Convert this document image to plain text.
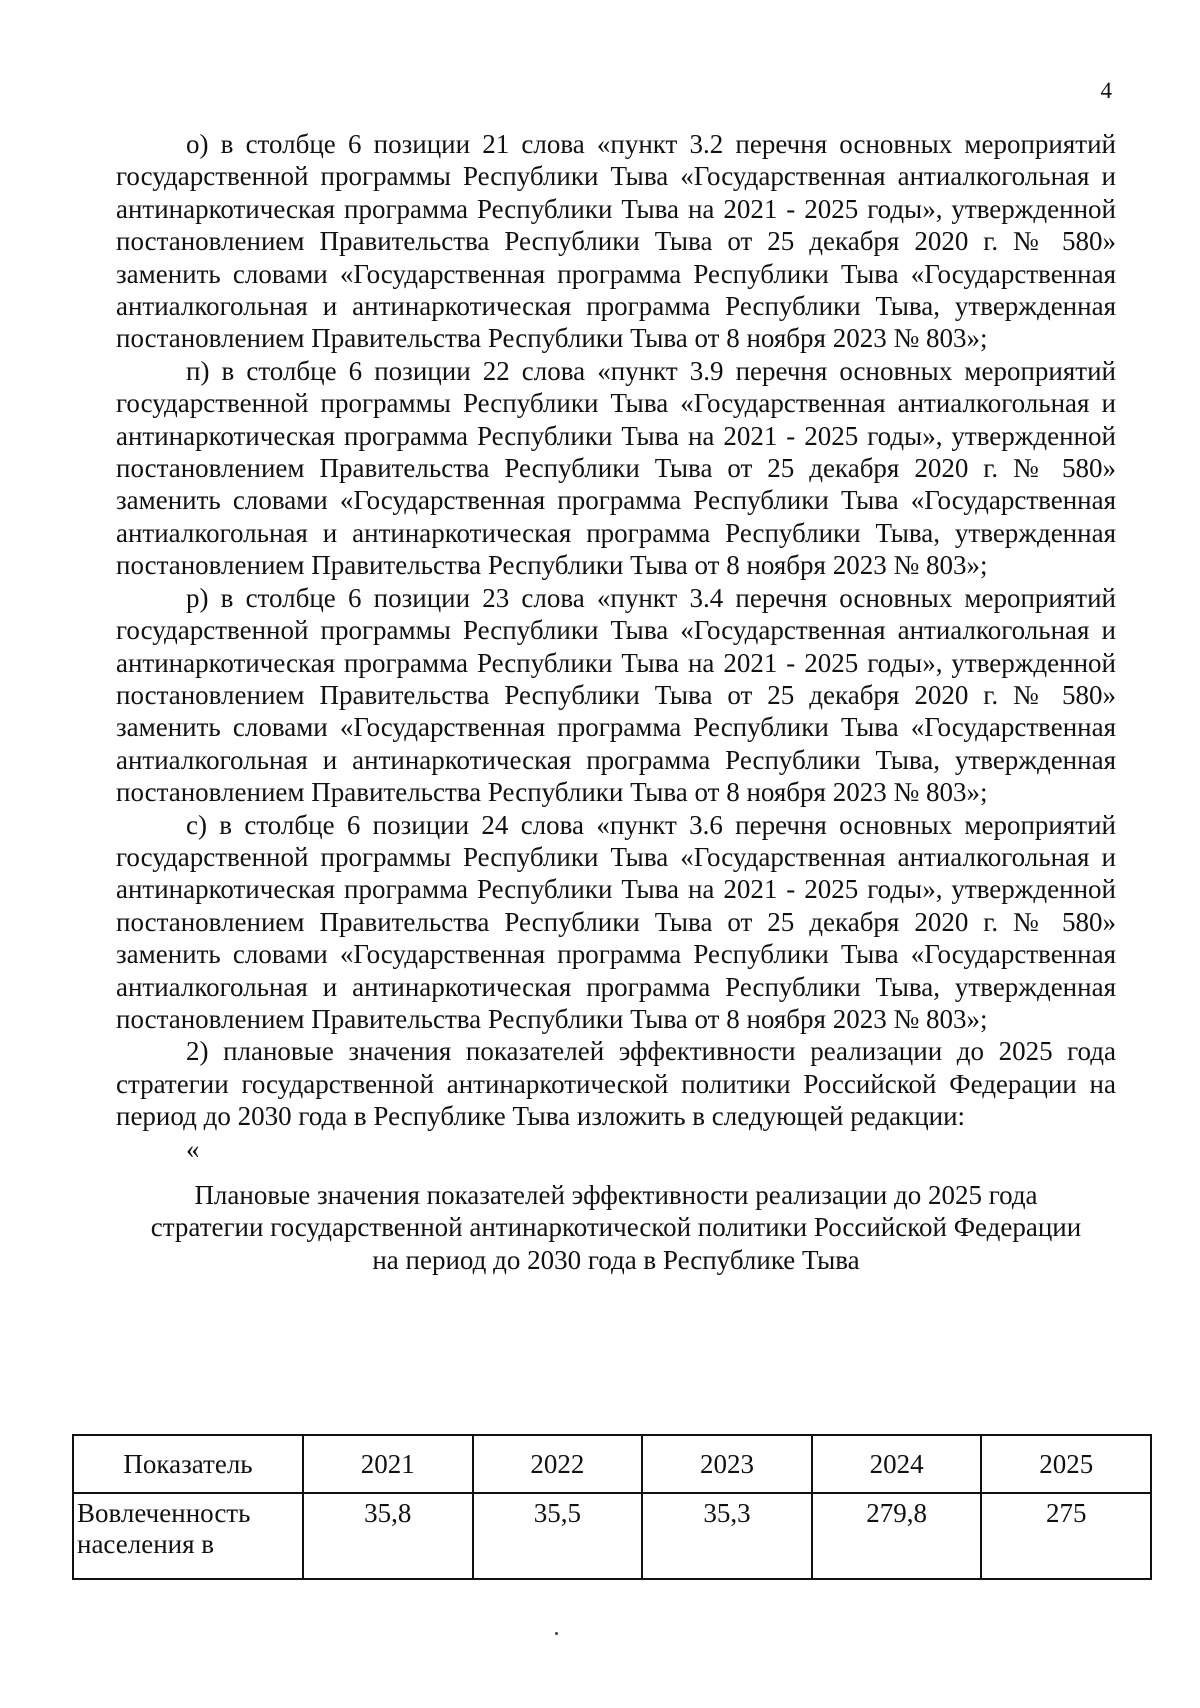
4

о) в столбце 6 позиции 21 слова «пункт 3.2 перечня основных мероприятий государственной программы Республики Тыва «Государственная антиалкогольная и антинаркотическая программа Республики Тыва на 2021 - 2025 годы», утвержденной постановлением Правительства Республики Тыва от 25 декабря 2020 г. № 580» заменить словами «Государственная программа Республики Тыва «Государственная антиалкогольная и антинаркотическая программа Республики Тыва, утвержденная постановлением Правительства Республики Тыва от 8 ноября 2023 № 803»;

п) в столбце 6 позиции 22 слова «пункт 3.9 перечня основных мероприятий государственной программы Республики Тыва «Государственная антиалкогольная и антинаркотическая программа Республики Тыва на 2021 - 2025 годы», утвержденной постановлением Правительства Республики Тыва от 25 декабря 2020 г. № 580» заменить словами «Государственная программа Республики Тыва «Государственная антиалкогольная и антинаркотическая программа Республики Тыва, утвержденная постановлением Правительства Республики Тыва от 8 ноября 2023 № 803»;

р) в столбце 6 позиции 23 слова «пункт 3.4 перечня основных мероприятий государственной программы Республики Тыва «Государственная антиалкогольная и антинаркотическая программа Республики Тыва на 2021 - 2025 годы», утвержденной постановлением Правительства Республики Тыва от 25 декабря 2020 г. № 580» заменить словами «Государственная программа Республики Тыва «Государственная антиалкогольная и антинаркотическая программа Республики Тыва, утвержденная постановлением Правительства Республики Тыва от 8 ноября 2023 № 803»;

с) в столбце 6 позиции 24 слова «пункт 3.6 перечня основных мероприятий государственной программы Республики Тыва «Государственная антиалкогольная и антинаркотическая программа Республики Тыва на 2021 - 2025 годы», утвержденной постановлением Правительства Республики Тыва от 25 декабря 2020 г. № 580» заменить словами «Государственная программа Республики Тыва «Государственная антиалкогольная и антинаркотическая программа Республики Тыва, утвержденная постановлением Правительства Республики Тыва от 8 ноября 2023 № 803»;

2) плановые значения показателей эффективности реализации до 2025 года стратегии государственной антинаркотической политики Российской Федерации на период до 2030 года в Республике Тыва изложить в следующей редакции:

«

Плановые значения показателей эффективности реализации до 2025 года
стратегии государственной антинаркотической политики Российской Федерации
на период до 2030 года в Республике Тыва
Показатель	2021	2022	2023	2024	2025

Вовлеченность
населения в	35,8	35,5	35,3	279,8	275
